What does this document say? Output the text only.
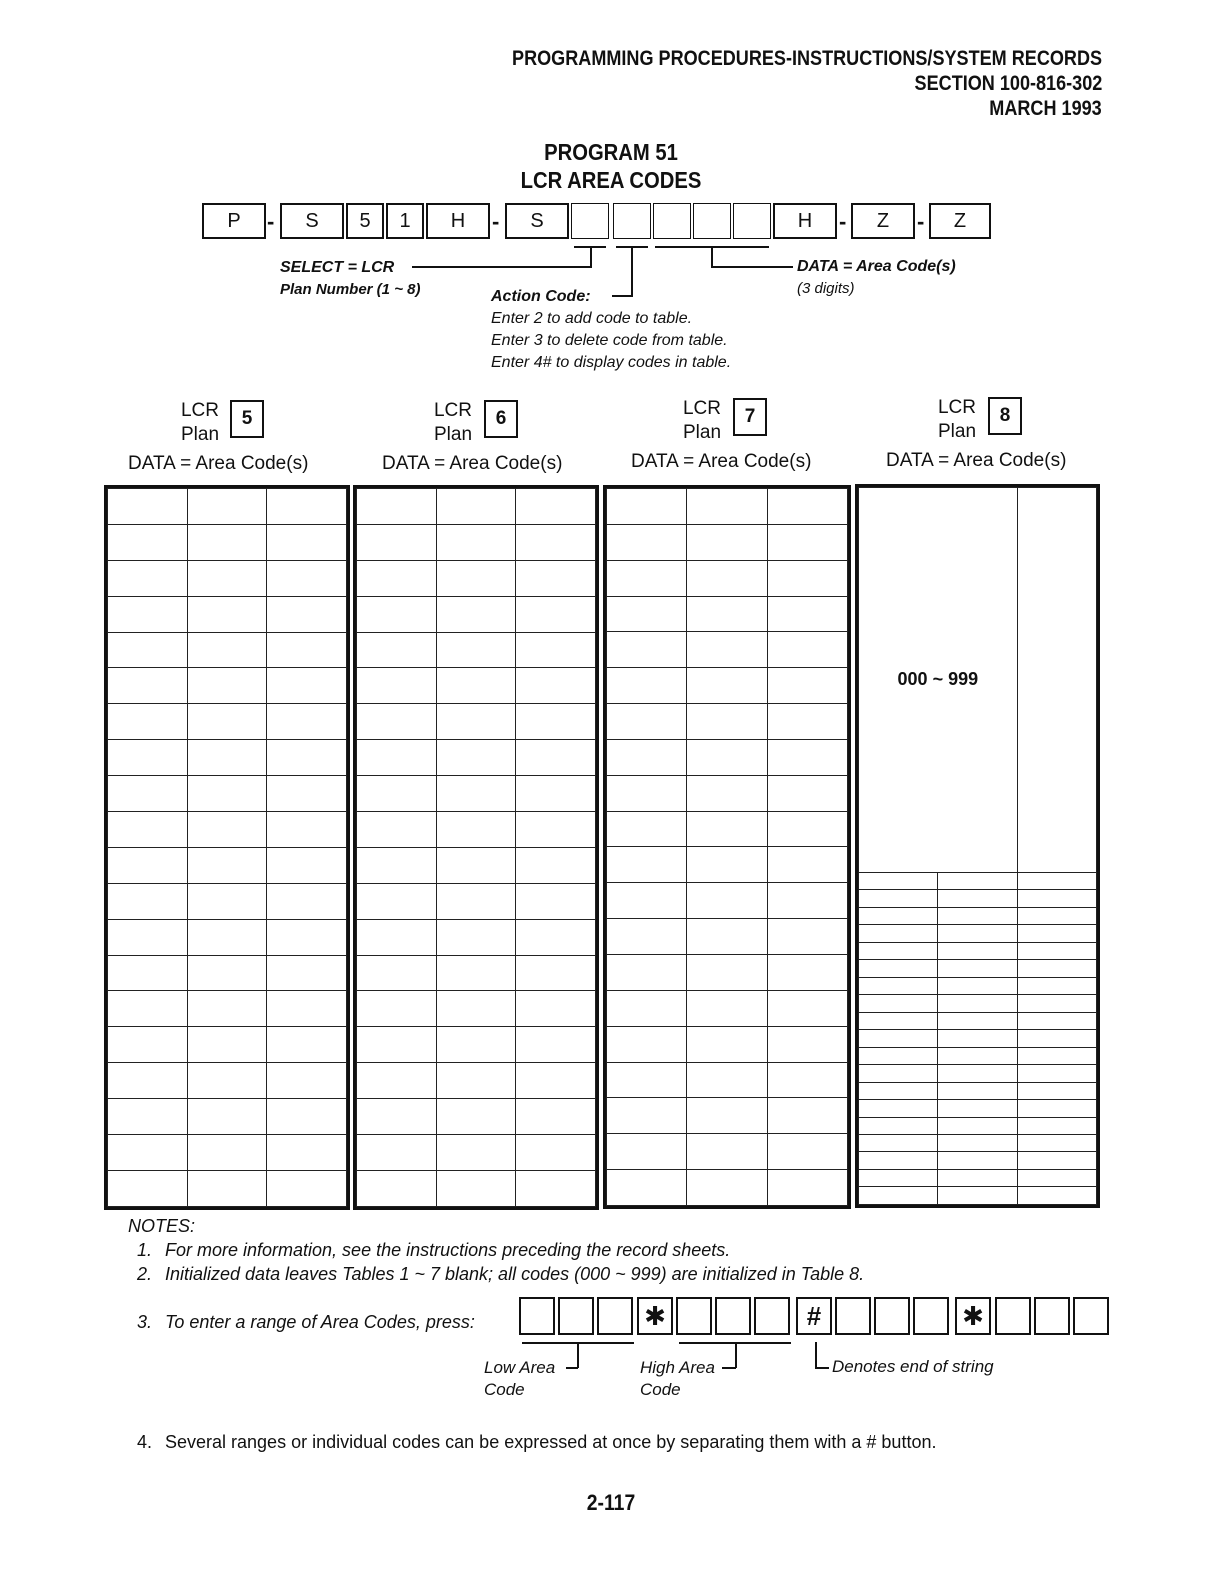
PROGRAMMING PROCEDURES-INSTRUCTIONS/SYSTEM RECORDS
SECTION 100-816-302
MARCH 1993
PROGRAM 51
LCR AREA CODES
P	-	S	5	1	H	-	S	H	-	Z	-	Z
SELECT = LCR
Plan Number (1 ~ 8)	Action Code:
Enter 2 to add code to table.
Enter 3 to delete code from table.
Enter 4# to display codes in table.
DATA = Area Code(s)
(3 digits)
LCR
Plan
5
DATA = Area Code(s)
LCR
Plan
6
DATA = Area Code(s)
LCR
Plan
7
DATA = Area Code(s)
LCR
Plan
8
DATA = Area Code(s)

000 ~ 999		

NOTES:
1. For more information, see the instructions preceding the record sheets.
2. Initialized data leaves Tables 1 ~ 7 blank; all codes (000 ~ 999) are initialized in Table 8.
3. To enter a range of Area Codes, press:	✱	#	✱
Low Area
Code
High Area
Code
Denotes end of string
4. Several ranges or individual codes can be expressed at once by separating them with a # button.
2-117
